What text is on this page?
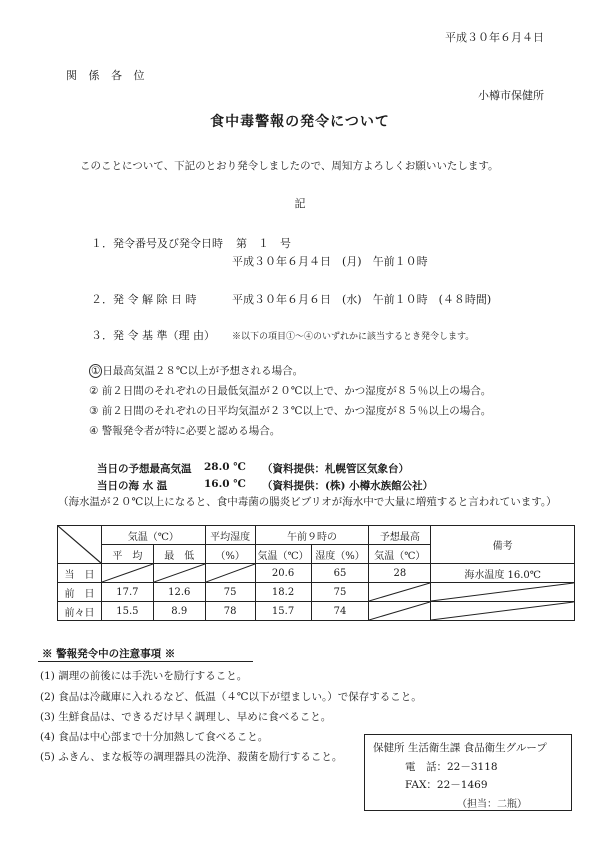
平成３０年６月４日
関 係 各 位
小樽市保健所
食中毒警報の発令について
このことについて、下記のとおり発令しましたので、周知方よろしくお願いいたします。
記
１．発令番号及び発令日時 第　１　号
平成３０年６月４日　(月)　午前１０時
２．発 令 解 除 日 時	平成３０年６月６日　(水)　午前１０時　(４８時間)
３．発 令 基 準（理 由） ※以下の項目①～④のいずれかに該当するとき発令します。
① 日最高気温２８℃以上が予想される場合。
② 前２日間のそれぞれの日最低気温が２０℃以上で、かつ湿度が８５％以上の場合。
③ 前２日間のそれぞれの日平均気温が２３℃以上で、かつ湿度が８５％以上の場合。
④ 警報発令者が特に必要と認める場合。
当日の予想最高気温 28.0 ℃ （資料提供：札幌管区気象台）
当日の海 水 温	16.0 ℃ （資料提供：(株) 小樽水族館公社）
（海水温が２０℃以上になると、食中毒菌の腸炎ビブリオが海水中で大量に増殖すると言われています。）
	気温（℃）		平均湿度	午前９時の		予想最高	備考
	平　均	最　低	（%）	気温（℃）	湿度（%）	気温（℃）	
当　日				20.6	65	28	海水温度 16.0℃
前　日	17.7	12.6	75	18.2	75	

前々日	15.5	8.9	78	15.7	74	

※ 警報発令中の注意事項 ※
(1) 調理の前後には手洗いを励行すること。
(2) 食品は冷蔵庫に入れるなど、低温（４℃以下が望ましい。）で保存すること。
(3) 生鮮食品は、できるだけ早く調理し、早めに食べること。
(4) 食品は中心部まで十分加熱して食べること。
(5) ふきん、まな板等の調理器具の洗浄、殺菌を励行すること。
保健所 生活衛生課 食品衛生グループ
電　話：22－3118
FAX：22－1469
（担当：二瓶）
